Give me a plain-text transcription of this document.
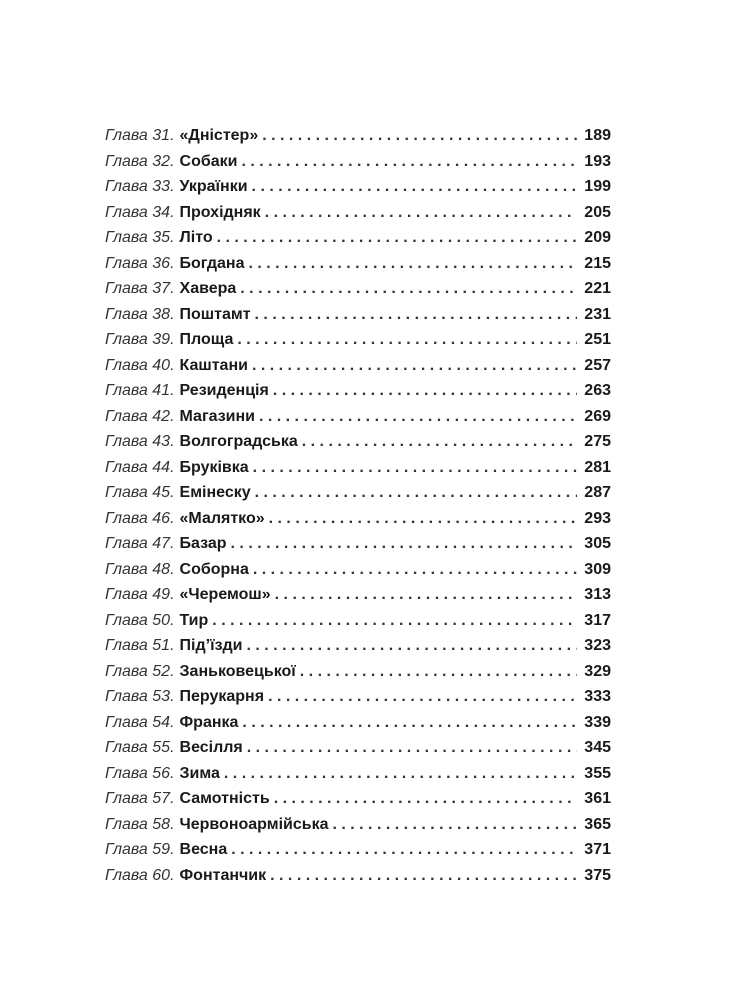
Глава 31. «Дністер» . . .	189
Глава 32. Собаки . . .	193
Глава 33. Українки . . .	199
Глава 34. Прохідняк . . .	205
Глава 35. Літо . . .	209
Глава 36. Богдана . . .	215
Глава 37. Хавера . . .	221
Глава 38. Поштамт . . .	231
Глава 39. Площа . . .	251
Глава 40. Каштани . . .	257
Глава 41. Резиденція . . .	263
Глава 42. Магазини . . .	269
Глава 43. Волгоградська . . .	275
Глава 44. Бруківка . . .	281
Глава 45. Емінеску . . .	287
Глава 46. «Малятко» . . .	293
Глава 47. Базар . . .	305
Глава 48. Соборна . . .	309
Глава 49. «Черемош» . . .	313
Глава 50. Тир . . .	317
Глава 51. Під’їзди . . .	323
Глава 52. Заньковецької . . .	329
Глава 53. Перукарня . . .	333
Глава 54. Франка . . .	339
Глава 55. Весілля . . .	345
Глава 56. Зима . . .	355
Глава 57. Самотність . . .	361
Глава 58. Червоноармійська . . .	365
Глава 59. Весна . . .	371
Глава 60. Фонтанчик . . .	375
